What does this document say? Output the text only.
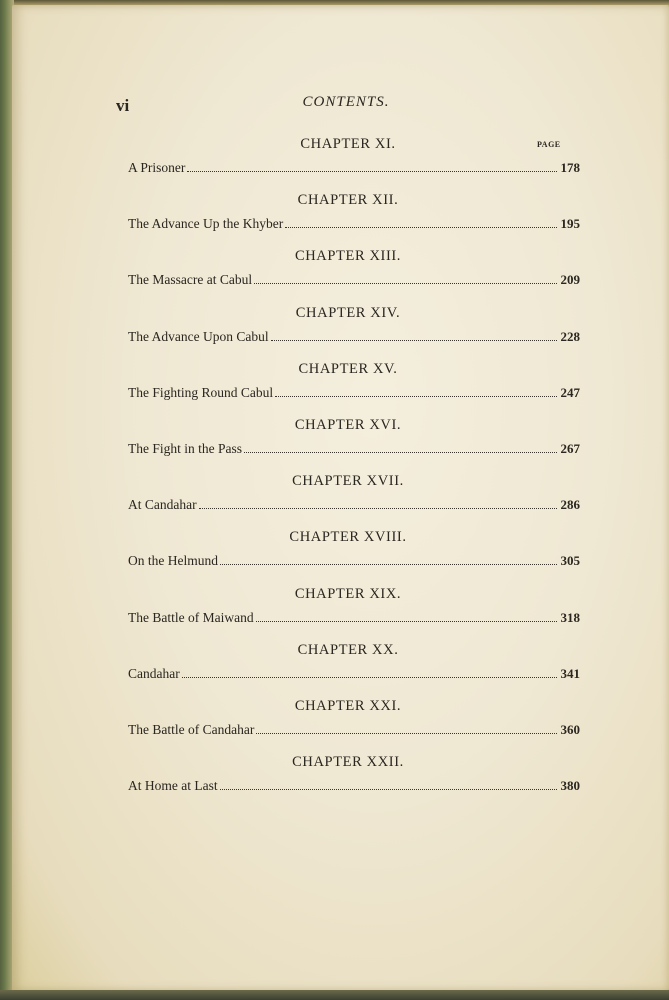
vi	CONTENTS.
PAGE
CHAPTER XI.
A Prisoner	178
CHAPTER XII.
The Advance Up the Khyber	195
CHAPTER XIII.
The Massacre at Cabul	209
CHAPTER XIV.
The Advance Upon Cabul	228
CHAPTER XV.
The Fighting Round Cabul	247
CHAPTER XVI.
The Fight in the Pass	267
CHAPTER XVII.
At Candahar	286
CHAPTER XVIII.
On the Helmund	305
CHAPTER XIX.
The Battle of Maiwand	318
CHAPTER XX.
Candahar	341
CHAPTER XXI.
The Battle of Candahar	360
CHAPTER XXII.
At Home at Last	380
